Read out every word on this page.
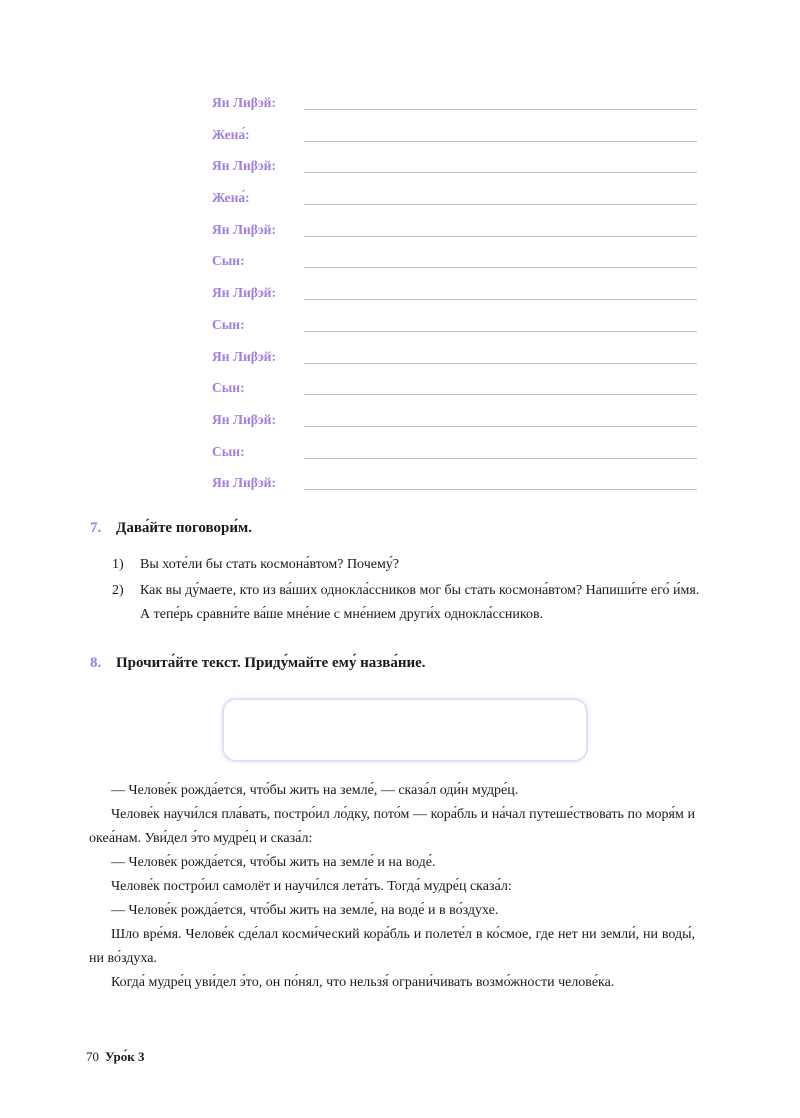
Ян Лиβэй:
Жена́:
Ян Лиβэй:
Жена́:
Ян Лиβэй:
Сын:
Ян Лиβэй:
Сын:
Ян Лиβэй:
Сын:
Ян Лиβэй:
Сын:
Ян Лиβэй:
7. Дава́йте поговори́м.
1) Вы хоте́ли бы стать космона́втом? Почему́?
2) Как вы ду́маете, кто из ва́ших однокла́ссников мог бы стать космона́втом? Напиши́те его́ и́мя. А тепе́рь сравни́те ва́ше мне́ние с мне́нием други́х однокла́ссников.
8. Прочита́йте текст. Приду́майте ему́ назва́ние.

— Челове́к рожда́ется, что́бы жить на земле́, — сказа́л оди́н мудре́ц.

Челове́к научи́лся пла́вать, постро́ил ло́дку, пото́м — кора́бль и на́чал путеше́ствовать по моря́м и океа́нам. Уви́дел э́то мудре́ц и сказа́л:

— Челове́к рожда́ется, что́бы жить на земле́ и на воде́.

Челове́к постро́ил самолёт и научи́лся лета́ть. Тогда́ мудре́ц сказа́л:

— Челове́к рожда́ется, что́бы жить на земле́, на воде́ и в во́здухе.

Шло вре́мя. Челове́к сде́лал косми́ческий кора́бль и полете́л в ко́смое, где нет ни земли́, ни воды́, ни во́здуха.

Когда́ мудре́ц уви́дел э́то, он по́нял, что нельзя́ ограни́чивать возмо́жности челове́ка.

70 Уро́к 3
